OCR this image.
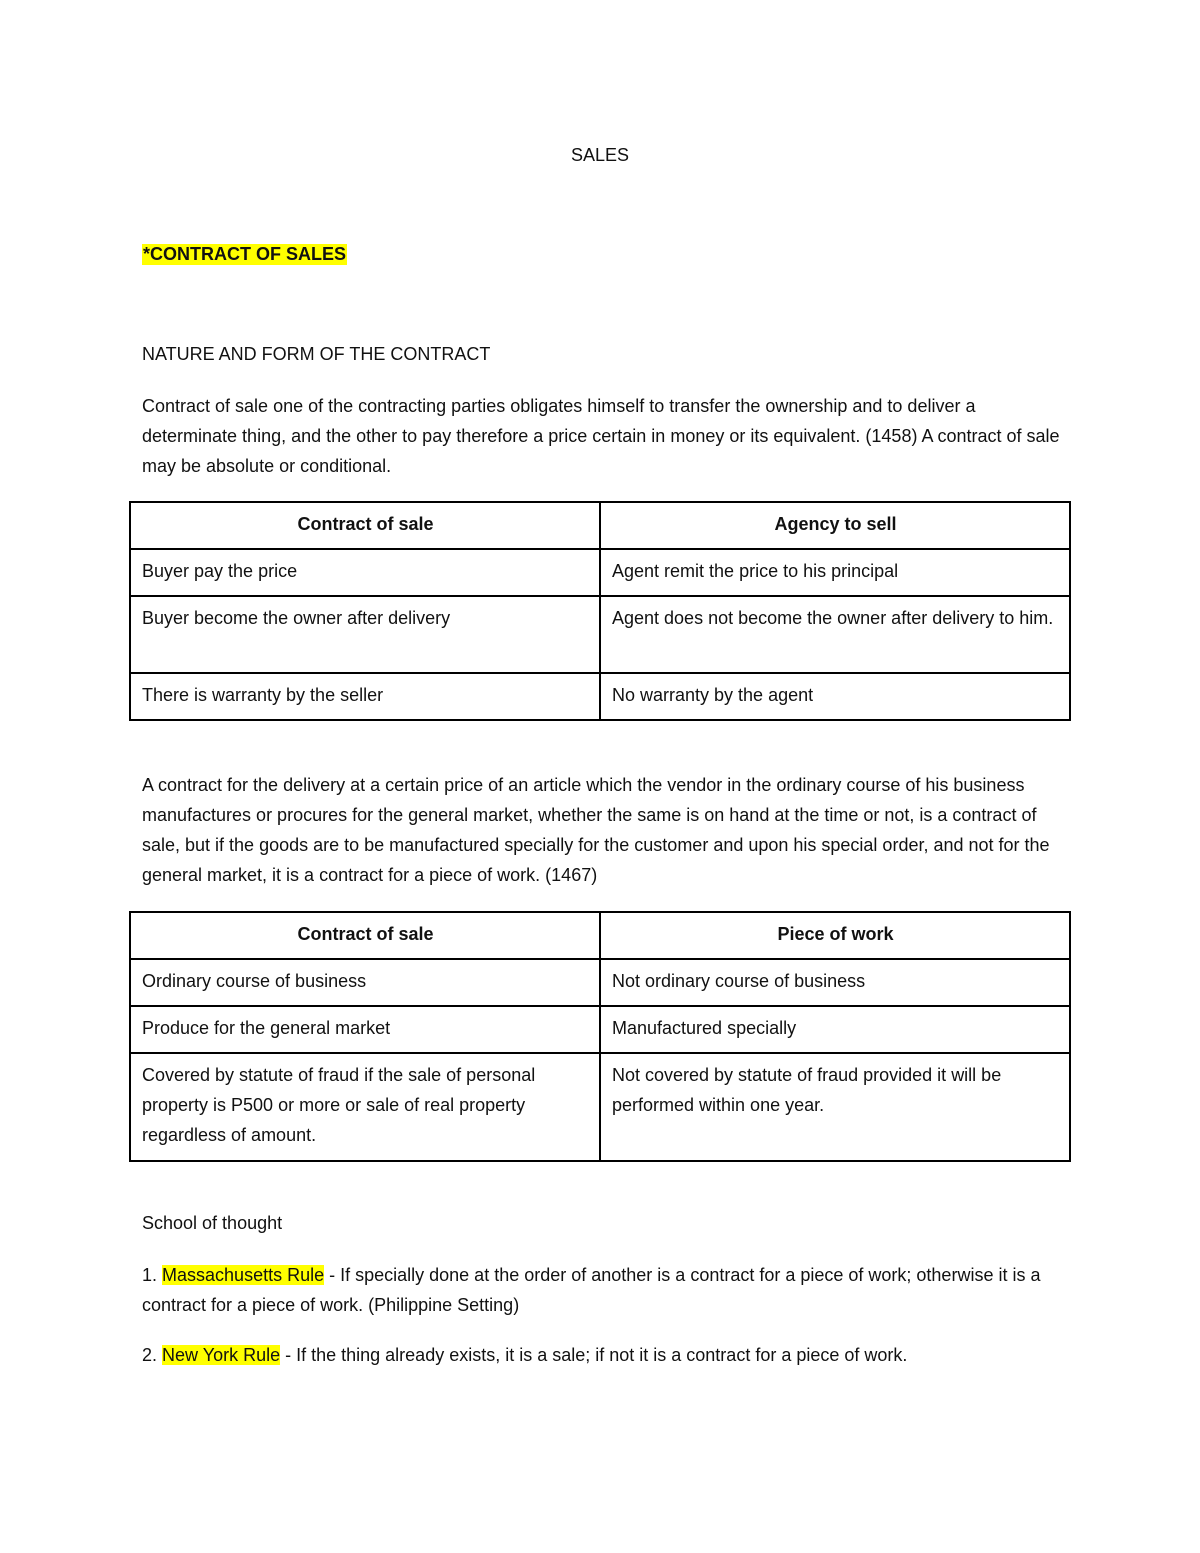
SALES
*CONTRACT OF SALES
NATURE AND FORM OF THE CONTRACT
Contract of sale one of the contracting parties obligates himself to transfer the ownership and to deliver a determinate thing, and the other to pay therefore a price certain in money or its equivalent. (1458) A contract of sale may be absolute or conditional.
Contract of sale	Agency to sell
Buyer pay the price	Agent remit the price to his principal
Buyer become the owner after delivery	Agent does not become the owner after delivery to him.
There is warranty by the seller	No warranty by the agent
A contract for the delivery at a certain price of an article which the vendor in the ordinary course of his business manufactures or procures for the general market, whether the same is on hand at the time or not, is a contract of sale, but if the goods are to be manufactured specially for the customer and upon his special order, and not for the general market, it is a contract for a piece of work. (1467)
Contract of sale	Piece of work
Ordinary course of business	Not ordinary course of business
Produce for the general market	Manufactured specially
Covered by statute of fraud if the sale of personal property is P500 or more or sale of real property regardless of amount.	Not covered by statute of fraud provided it will be performed within one year.
School of thought
1. Massachusetts Rule - If specially done at the order of another is a contract for a piece of work; otherwise it is a contract for a piece of work. (Philippine Setting)
2. New York Rule - If the thing already exists, it is a sale; if not it is a contract for a piece of work.
